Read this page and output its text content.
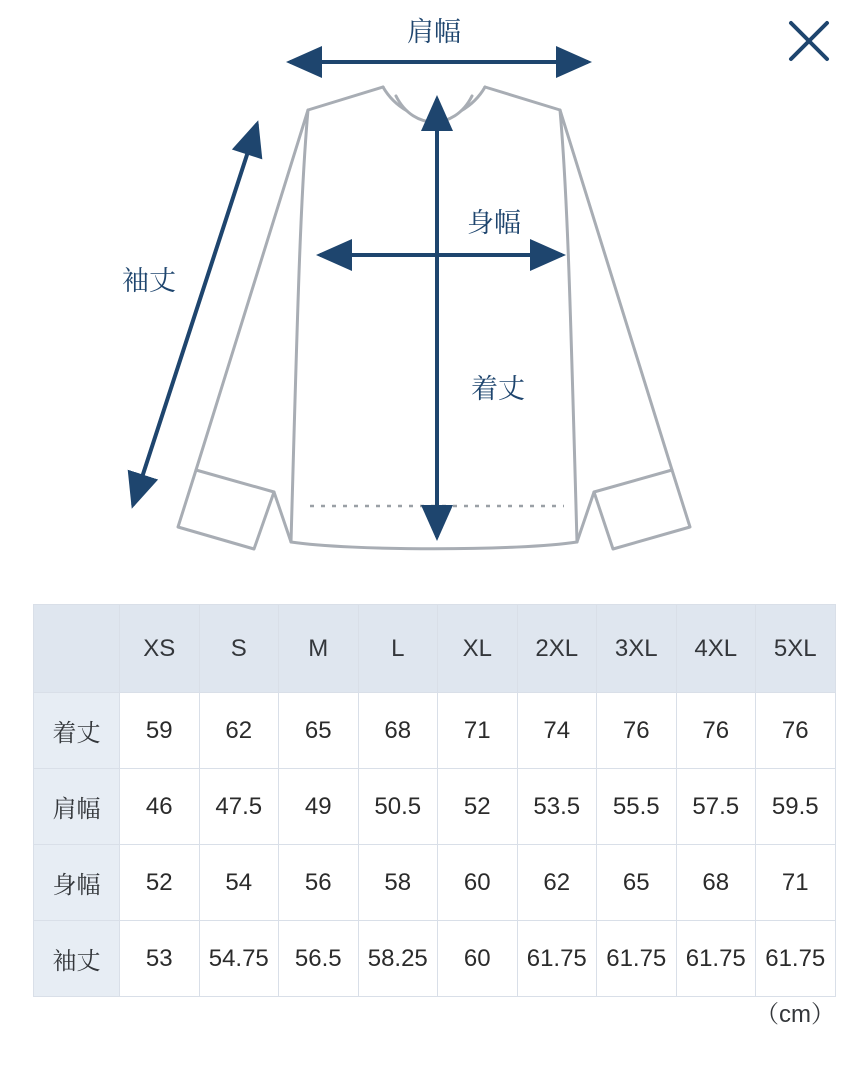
肩幅
身幅
着丈
袖丈
	XS	S	M	L	XL	2XL	3XL	4XL	5XL
着丈	59	62	65	68	71	74	76	76	76
肩幅	46	47.5	49	50.5	52	53.5	55.5	57.5	59.5
身幅	52	54	56	58	60	62	65	68	71
袖丈	53	54.75	56.5	58.25	60	61.75	61.75	61.75	61.75
（cm）
